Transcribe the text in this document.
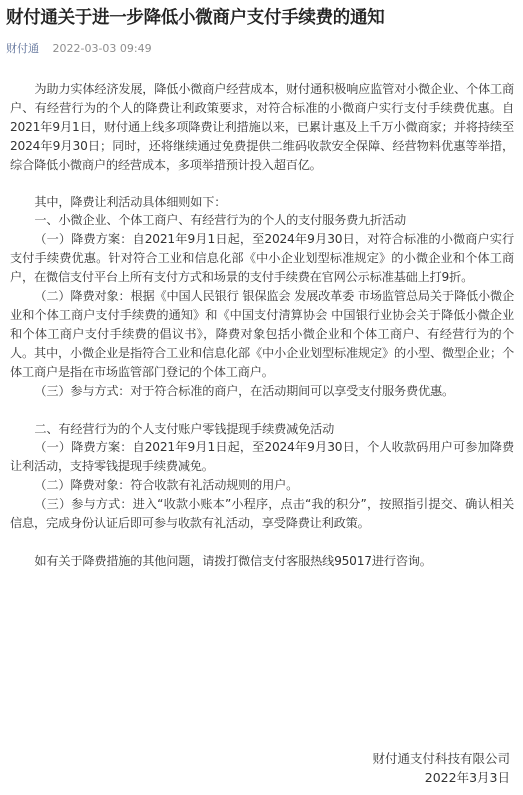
财付通关于进一步降低小微商户支付手续费的通知
财付通 2022-03-03 09:49

为助力实体经济发展，降低小微商户经营成本，财付通积极响应监管对小微企业、个体工商户、有经营行为的个人的降费让利政策要求，对符合标准的小微商户实行支付手续费优惠。自2021年9月1日，财付通上线多项降费让利措施以来，已累计惠及上千万小微商家；并将持续至2024年9月30日；同时，还将继续通过免费提供二维码收款安全保障、经营物料优惠等举措，综合降低小微商户的经营成本，多项举措预计投入超百亿。

其中，降费让利活动具体细则如下：

一、小微企业、个体工商户、有经营行为的个人的支付服务费九折活动

（一）降费方案：自2021年9月1日起，至2024年9月30日，对符合标准的小微商户实行支付手续费优惠。针对符合工业和信息化部《中小企业划型标准规定》的小微企业和个体工商户，在微信支付平台上所有支付方式和场景的支付手续费在官网公示标准基础上打9折。

（二）降费对象：根据《中国人民银行 银保监会 发展改革委 市场监管总局关于降低小微企业和个体工商户支付手续费的通知》和《中国支付清算协会 中国银行业协会关于降低小微企业和个体工商户支付手续费的倡议书》，降费对象包括小微企业和个体工商户、有经营行为的个人。其中，小微企业是指符合工业和信息化部《中小企业划型标准规定》的小型、微型企业；个体工商户是指在市场监管部门登记的个体工商户。

（三）参与方式：对于符合标准的商户，在活动期间可以享受支付服务费优惠。

二、有经营行为的个人支付账户零钱提现手续费减免活动

（一）降费方案：自2021年9月1日起，至2024年9月30日，个人收款码用户可参加降费让利活动，支持零钱提现手续费减免。

（二）降费对象：符合收款有礼活动规则的用户。

（三）参与方式：进入“收款小账本”小程序，点击“我的积分”，按照指引提交、确认相关信息，完成身份认证后即可参与收款有礼活动，享受降费让利政策。

如有关于降费措施的其他问题，请拨打微信支付客服热线95017进行咨询。

财付通支付科技有限公司
2022年3月3日
